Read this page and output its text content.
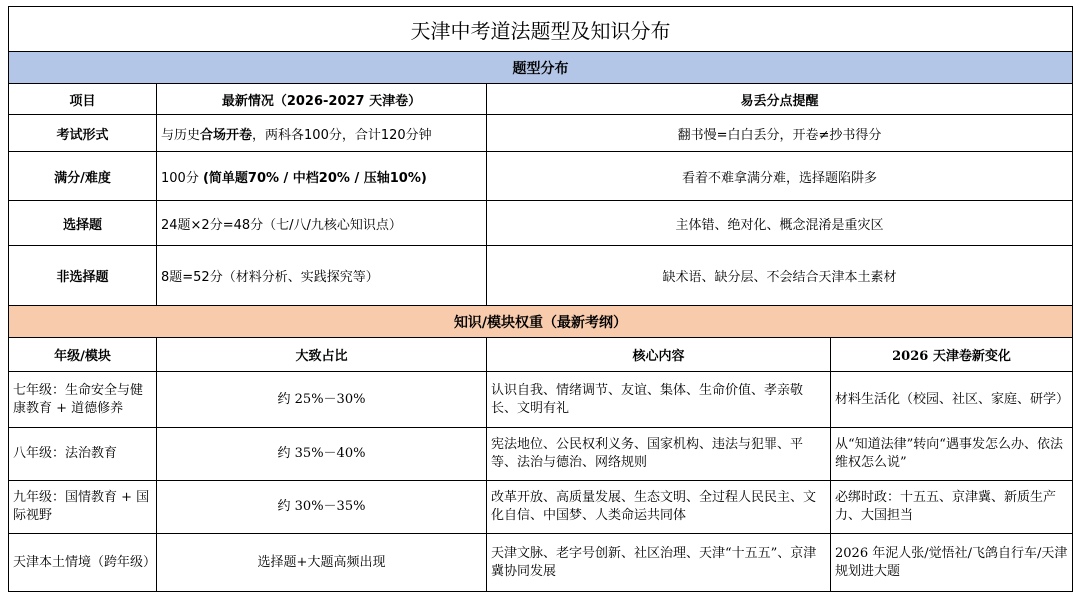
天津中考道法题型及知识分布			
题型分布			
项目	最新情况（2026-2027 天津卷）	易丢分点提醒	
考试形式	与历史合场开卷，两科各100分，合计120分钟	翻书慢=白白丢分，开卷≠抄书得分	
满分/难度	100分 (简单题70% / 中档20% / 压轴10%)	看着不难拿满分难，选择题陷阱多	
选择题	24题×2分=48分（七/八/九核心知识点）	主体错、绝对化、概念混淆是重灾区	
非选择题	8题=52分（材料分析、实践探究等）	缺术语、缺分层、不会结合天津本土素材	
知识/模块权重（最新考纲）			
年级/模块	大致占比	核心内容	2026 天津卷新变化
七年级：生命安全与健康教育 + 道德修养	约 25%－30%	认识自我、情绪调节、友谊、集体、生命价值、孝亲敬长、文明有礼	材料生活化（校园、社区、家庭、研学）
八年级：法治教育	约 35%－40%	宪法地位、公民权利义务、国家机构、违法与犯罪、平等、法治与德治、网络规则	从“知道法律”转向“遇事发怎么办、依法维权怎么说”
九年级：国情教育 + 国际视野	约 30%－35%	改革开放、高质量发展、生态文明、全过程人民民主、文化自信、中国梦、人类命运共同体	必绑时政：十五五、京津冀、新质生产力、大国担当
天津本土情境（跨年级）	选择题+大题高频出现	天津文脉、老字号创新、社区治理、天津“十五五”、京津冀协同发展	2026 年泥人张/觉悟社/飞鸽自行车/天津规划进大题
